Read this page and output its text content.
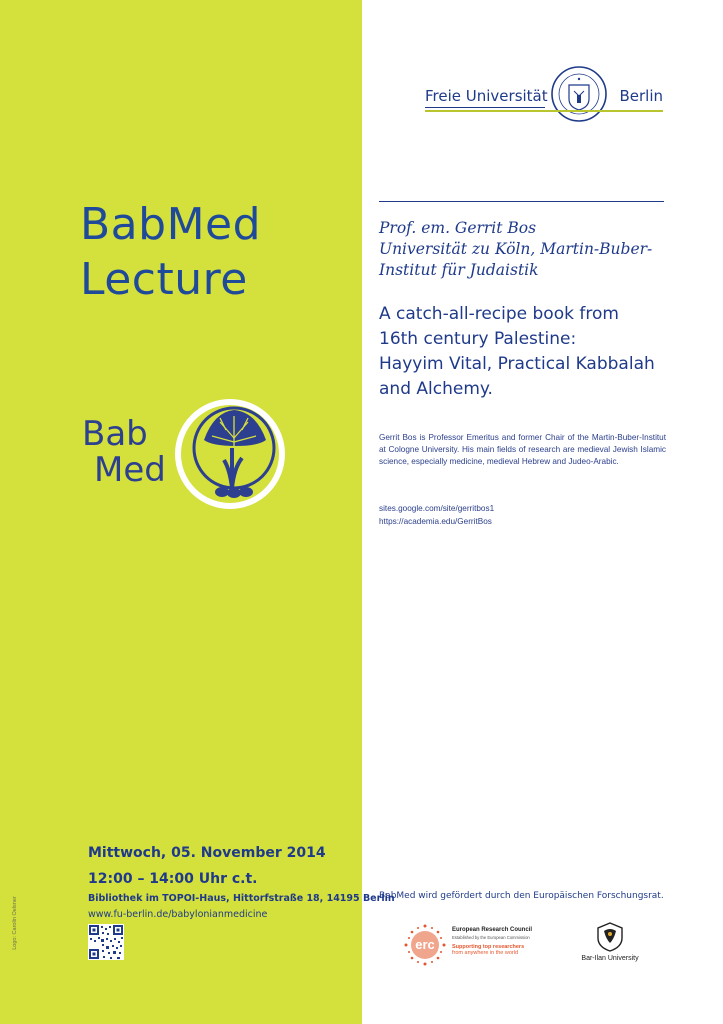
Freie Universität	Berlin
BabMed
Lecture
Bab
Med
Prof. em. Gerrit Bos
Universität zu Köln, Martin-Buber-
Institut für Judaistik
A catch-all-recipe book from
16th century Palestine:
Hayyim Vital, Practical Kabbalah
and Alchemy.
Gerrit Bos is Professor Emeritus and former Chair of the Martin-Buber-Institut at Cologne University. His main fields of research are medieval Jewish Islamic science, especially medicine, medieval Hebrew and Judeo-Arabic.
sites.google.com/site/gerritbos1
https://academia.edu/GerritBos
Mittwoch, 05. November 2014
12:00 – 14:00 Uhr c.t.
Bibliothek im TOPOI-Haus, Hittorfstraße 18, 14195 Berlin
www.fu-berlin.de/babylonianmedicine
Logo: Carolin Oelsner
BabMed wird gefördert durch den Europäischen Forschungsrat.
erc
European Research Council
Established by the European Commission
Supporting top researchers
from anywhere in the world
Bar-Ilan University
